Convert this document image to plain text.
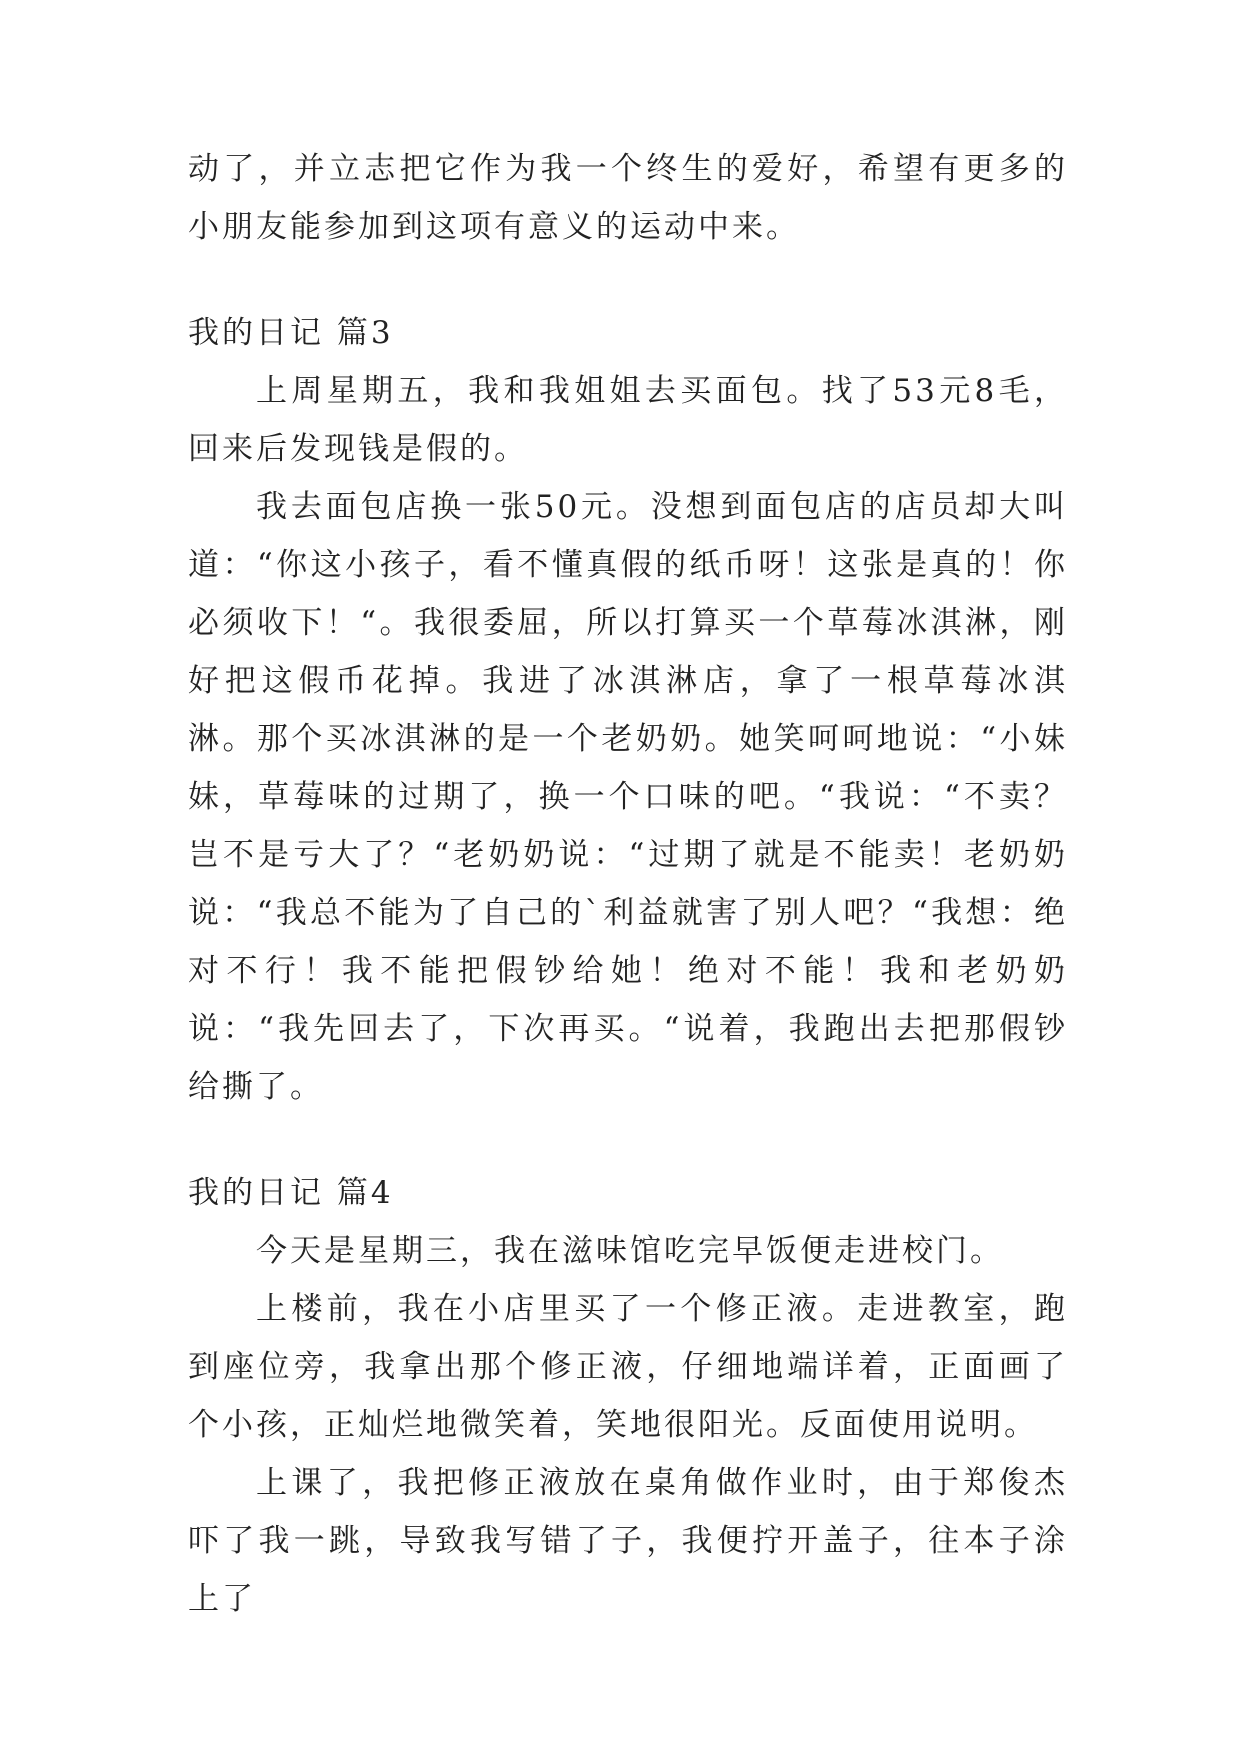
动了，并立志把它作为我一个终生的爱好，希望有更多的小朋友能参加到这项有意义的运动中来。

我的日记 篇3

上周星期五，我和我姐姐去买面包。找了53元8毛，回来后发现钱是假的。

我去面包店换一张50元。没想到面包店的店员却大叫道：“你这小孩子，看不懂真假的纸币呀！这张是真的！你必须收下！“。我很委屈，所以打算买一个草莓冰淇淋，刚好把这假币花掉。我进了冰淇淋店，拿了一根草莓冰淇淋。那个买冰淇淋的是一个老奶奶。她笑呵呵地说：“小妹妹，草莓味的过期了，换一个口味的吧。“我说：“不卖？岂不是亏大了？“老奶奶说：“过期了就是不能卖！老奶奶说：“我总不能为了自己的`利益就害了别人吧？“我想：绝对不行！我不能把假钞给她！绝对不能！我和老奶奶说：“我先回去了，下次再买。“说着，我跑出去把那假钞给撕了。

我的日记 篇4

今天是星期三，我在滋味馆吃完早饭便走进校门。

上楼前，我在小店里买了一个修正液。走进教室，跑到座位旁，我拿出那个修正液，仔细地端详着，正面画了个小孩，正灿烂地微笑着，笑地很阳光。反面使用说明。

上课了，我把修正液放在桌角做作业时，由于郑俊杰吓了我一跳，导致我写错了子，我便拧开盖子，往本子涂上了
